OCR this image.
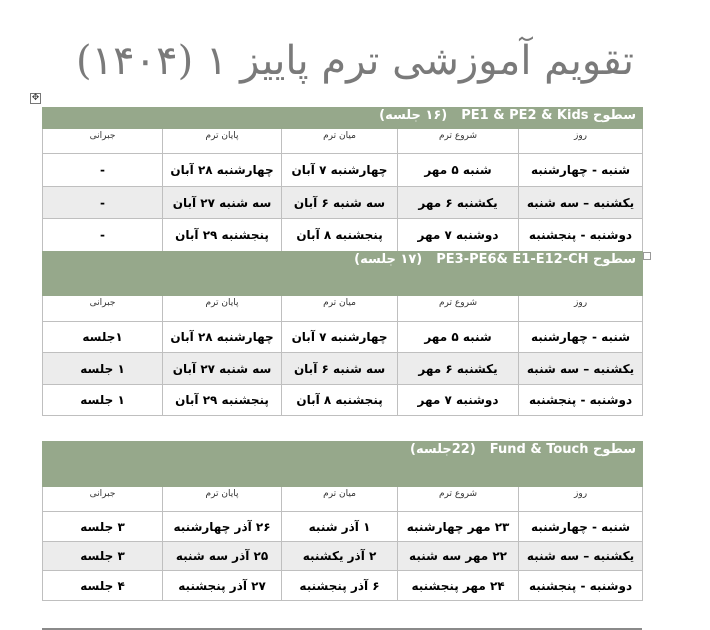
تقویم آموزشی ترم پاییز ۱ (۱۴۰۴)
✥
سطوح PE1 & PE2 & Kids(۱۶ جلسه)				
روز	شروع ترم	میان ترم	پایان ترم	جبرانی
شنبه - چهارشنبه	شنبه ۵ مهر	چهارشنبه ۷ آبان	چهارشنبه ۲۸ آبان	-
یکشنبه – سه شنبه	یکشنبه ۶ مهر	سه شنبه ۶ آبان	سه شنبه ۲۷ آبان	-
دوشنبه - پنجشنبه	دوشنبه ۷ مهر	پنجشنبه ۸ آبان	پنجشنبه ۲۹ آبان	-
سطوح PE3-PE6& E1-E12-CH(۱۷ جلسه)				
روز	شروع ترم	میان ترم	پایان ترم	جبرانی
شنبه - چهارشنبه	شنبه ۵ مهر	چهارشنبه ۷ آبان	چهارشنبه ۲۸ آبان	۱جلسه
یکشنبه – سه شنبه	یکشنبه ۶ مهر	سه شنبه ۶ آبان	سه شنبه ۲۷ آبان	۱ جلسه
دوشنبه - پنجشنبه	دوشنبه ۷ مهر	پنجشنبه ۸ آبان	پنجشنبه ۲۹ آبان	۱ جلسه
سطوح Fund & Touch(22جلسه)				
روز	شروع ترم	میان ترم	پایان ترم	جبرانی
شنبه - چهارشنبه	۲۳ مهر چهارشنبه	۱ آذر شنبه	۲۶ آذر چهارشنبه	۳ جلسه
یکشنبه – سه شنبه	۲۲ مهر سه شنبه	۲ آذر یکشنبه	۲۵ آذر سه شنبه	۳ جلسه
دوشنبه - پنجشنبه	۲۴ مهر پنجشنبه	۶ آذر پنجشنبه	۲۷ آذر پنجشنبه	۴ جلسه
